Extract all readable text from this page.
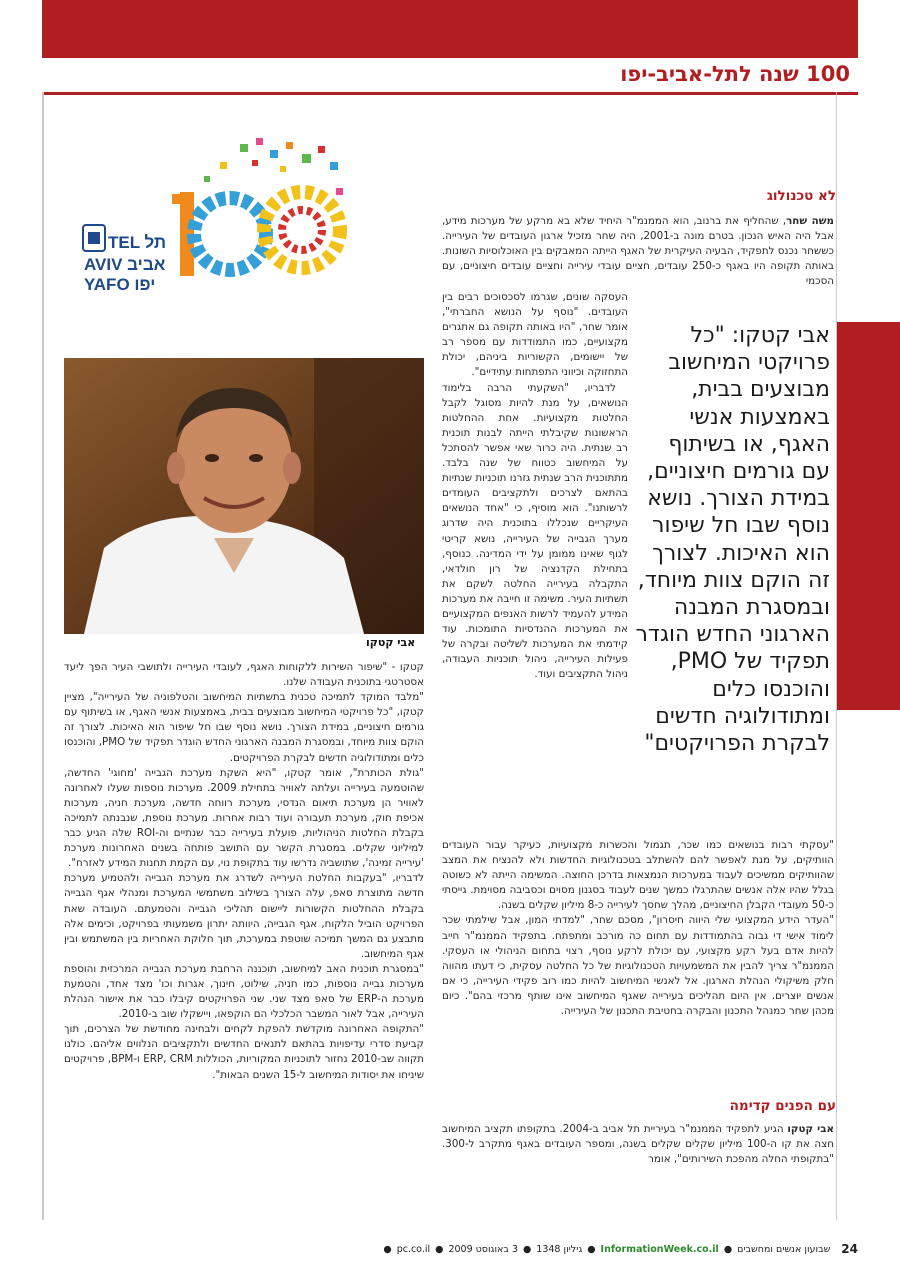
100 שנה לתל-אביב-יפו
TEL תל
AVIV אביב
YAFO יפו
אבי קטקו
לא טכנולוג

משה שחר, שהחליף את ברנוב, הוא הממנמ"ר היחיד שלא בא מרקע של מערכות מידע, אבל היה האיש הנכון. בטרם מונה ב-2001, היה שחר מזכיל ארגון העובדים של העירייה. כששחר נכנס לתפקיד, הבעיה העיקרית של האגף הייתה המאבקים בין האוכלוסיות השונות. באותה תקופה היו באגף כ-250 עובדים, חציים עובדי עירייה וחציים עובדים חיצוניים, עם הסכמי

העסקה שונים, שגרמו לסכסוכים רבים בין העובדים. "נוסף על הנושא החברתי", אומר שחר, "היו באותה תקופה גם אתגרים מקצועיים, כמו התמודדות עם מספר רב של יישומים, הקשוריות ביניהם, יכולת התחזוקה וכיווני התפתחות עתידיים".

לדבריו, "השקעתי הרבה בלימוד הנושאים, על מנת להיות מסוגל לקבל החלטות מקצועיות. אחת ההחלטות הראשונות שקיבלתי הייתה לבנות תוכנית רב שנתית. היה כרור שאי אפשר להסתכל על המיחשוב כטווח של שנה בלבד. מתתוכנית הרב שנתית גזרנו תוכניות שנתיות בהתאם לצרכים ולתקציבים העומדים לרשותנו". הוא מוסיף, כי "אחד הנושאים העיקריים שנכללו בתוכנית היה שדרוג מערך הגבייה של העירייה, נושא קריטי לגוף שאינו ממומן על ידי המדינה. כנוסף, בתחילת הקדנציה של רון חולדאי, התקבלה בעירייה החלטה לשקם את תשתיות העיר. משימה זו חייבה את מערכות המידע להעמיד לרשות האנפים המקצועיים את המערכות ההנדסיות התומכות. עוד קידמתי את המערכות לשליטה ובקרה של פעילות העירייה, ניהול תוכניות העבודה, ניהול התקציבים ועוד.

אבי קטקו: "כל פרויקטי המיחשוב מבוצעים בבית, באמצעות אנשי האגף, או בשיתוף עם גורמים חיצוניים, במידת הצורך. נושא נוסף שבו חל שיפור הוא האיכות. לצורך זה הוקם צוות מיוחד, ובמסגרת המבנה הארגוני החדש הוגדר תפקיד של PMO, והוכנסו כלים ומתודולוגיה חדשים לבקרת הפרויקטים"

"עסקתי רבות בנושאים כמו שכר, תגמול והכשרות מקצועיות, כעיקר עבור העובדים הוותיקים, על מנת לאפשר להם להשתלב בטכנולוגיות החדשות ולא להנציח את המצב שהוותיקים ממשיכים לעבוד במערכות הנמצאות בדרכן החוצה. המשימה הייתה לא כשוטה בגלל שהיו אלה אנשים שהתרגלו כמשך שנים לעבוד בסגנון מסוים וכסביבה מסוימת. גייסתי כ-50 מעובדי הקבלן החיצוניים, מהלך שחסך לעירייה כ-8 מיליון שקלים בשנה.

"העדר הידע המקצועי שלי היווה חיסרון", מסכם שחר, "למדתי המון, אבל שילמתי שכר לימוד אישי די גבוה בהתמודדות עם תחום כה מורכב ומתפתח. בתפקיד הממנמ"ר חייב להיות אדם בעל רקע מקצועי, עם יכולת לרקע נוסף, רצוי בתחום הניהולי או העסקי. הממנמ"ר צריך להבין את המשמעויות הטכנולוגיות של כל החלטה עסקית, כי דעתו מהווה חלק משיקולי הנהלת הארגון. אל לאנשי המיחשוב להיות כמו רוב פקידי העירייה, כי אם אנשים יוצרים. אין היום תהליכים בעירייה שאגף המיחשוב אינו שותף מרכזי בהם". כיום מכהן שחר כמנהל התכנון והבקרה בחטיבת התכנון של העירייה.

עם הפנים קדימה

אבי קטקו הגיע לתפקיד הממנמ"ר בעיריית תל אביב ב-2004. בתקופתו תקציב המיחשוב חצה את קו ה-100 מיליון שקלים שקלים בשנה, ומספר העובדים באגף מתקרב ל-300. "בתקופתי החלה מהפכת השירותים", אומר

קטקו - "שיפור השירות ללקוחות האגף, לעובדי העירייה ולתושבי העיר הפך ליעד אסטרטגי בתוכנית העבודה שלנו.

"מלבד המוקד לתמיכה טכנית בתשתיות המיחשוב והטלפוניה של העירייה", מציין קטקו, "כל פרויקטי המיחשוב מבוצעים בבית, באמצעות אנשי האגף, או בשיתוף עם גורמים חיצוניים, במידת הצורך. נושא נוסף שבו חל שיפור הוא האיכות. לצורך זה הוקם צוות מיוחד, ובמסגרת המבנה הארגוני החדש הוגדר תפקיד של PMO, והוכנסו כלים ומתודולוגיה חדשים לבקרת הפרויקטים.

"גולת הכותרת", אומר קטקו, "היא השקת מערכת הגבייה 'מחוגי' החדשה, שהוטמעה בעירייה ועלתה לאוויר בתחילת 2009. מערכות נוספות שעלו לאחרונה לאוויר הן מערכת תיאום הנדסי, מערכת רווחה חדשה, מערכת חניה, מערכות אכיפת חוק, מערכת תעבורה ועוד רבות אחרות. מערכת נוספת, שנבנתה לתמיכה בקבלת החלטות הניהוליות, פועלת בעירייה כבר שנתיים וה-ROI שלה הגיע כבר למיליוני שקלים. במסגרת הקשר עם התושב פותחה בשנים האחרונות מערכת 'עירייה זמינה', שתושביה נדרשו עוד בתקופת נוי, עם הקמת תחנות המידע לאזרח".

לדבריו, "בעקבות החלטת העירייה לשדרג את מערכת הגבייה ולהטמיע מערכת חדשה מתוצרת סאפ, עלה הצורך בשילוב משתמשי המערכת ומנהלי אגף הגבייה בקבלת ההחלטות הקשורות ליישום תהליכי הגבייה והטמעתם. העובדה שאת הפרויקט הוביל הלקוח, אגף הגבייה, היוותה יתרון משמעותי בפרויקט, וכימים אלה מתבצע גם המשך תמיכה שוטפת במערכת, תוך חלוקת האחריות בין המשתמש ובין אגף המיחשוב.

"במסגרת תוכנית האב למיחשוב, תוכננה הרחבת מערכת הגבייה המרכזית והוספת מערכות גבייה נוספות, כמו חניה, שילוט, חינוך, אגרות וכו' מצד אחד, והטמעת מערכת ה-ERP של סאפ מצד שני. שני הפרויקטים קיבלו כבר את אישור הנהלת העירייה, אבל לאור המשבר הכלכלי הם הוקפאו, ויישקלו שוב ב-2010.

"התקופה האחרונה מוקדשת להפקת לקחים ולבחינה מחודשת של הצרכים, תוך קביעת סדרי עדיפויות בהתאם לתנאים החדשים ולתקציבים הנלווים אליהם. כולנו תקווה שב-2010 נחזור לתוכניות המקוריות, הכוללות ERP, CRM ו-BPM, פרויקטים שיניחו את יסודות המיחשוב ל-15 השנים הבאות".

24
שבועון אנשים ומחשבים
●
InformationWeek.co.il
●
גיליון 1348
●
3 באוגוסט 2009
●
pc.co.il
●
